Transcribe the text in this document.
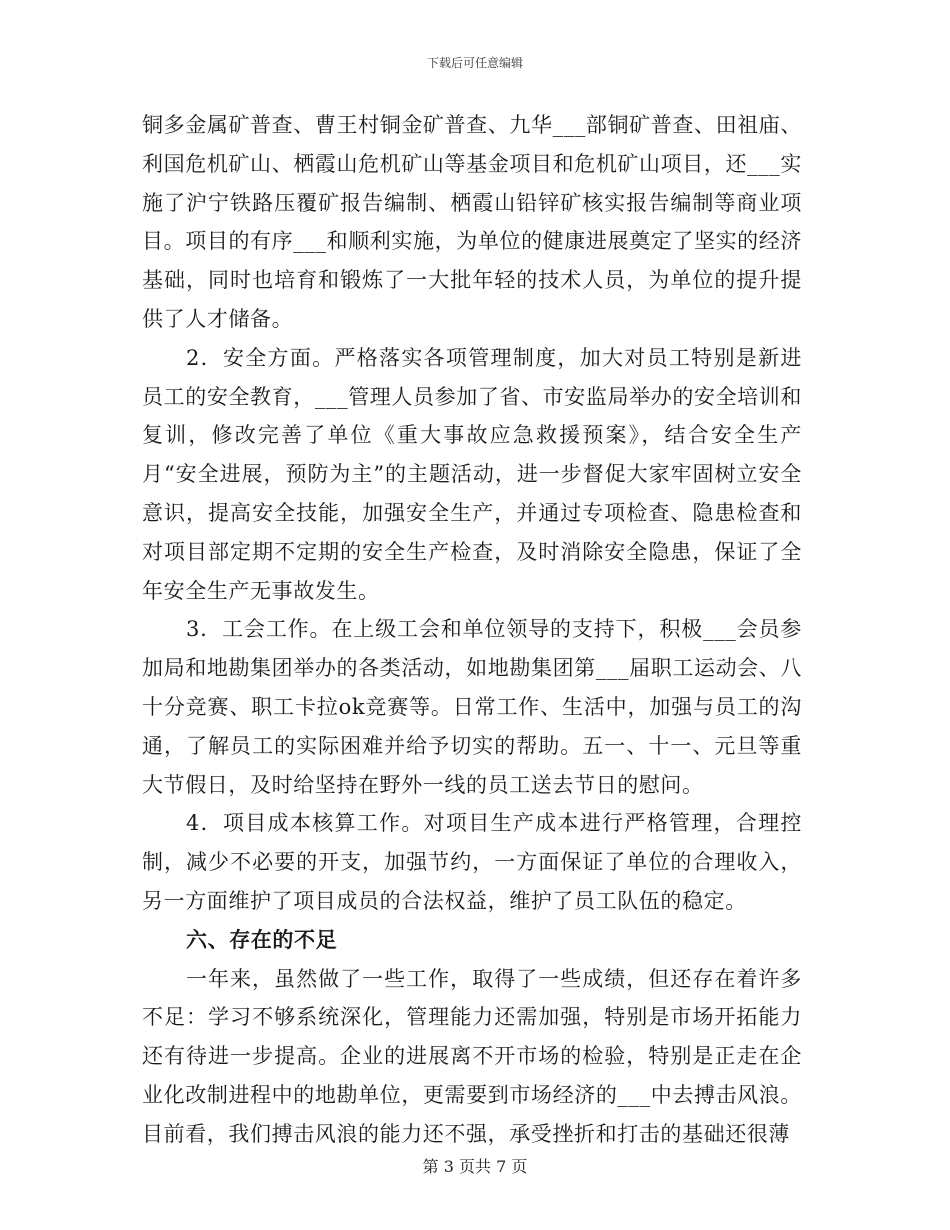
下载后可任意编辑

铜多金属矿普查、曹王村铜金矿普查、九华___部铜矿普查、田祖庙、利国危机矿山、栖霞山危机矿山等基金项目和危机矿山项目，还___实施了沪宁铁路压覆矿报告编制、栖霞山铅锌矿核实报告编制等商业项目。项目的有序___和顺利实施，为单位的健康进展奠定了坚实的经济基础，同时也培育和锻炼了一大批年轻的技术人员，为单位的提升提供了人才储备。

2．安全方面。严格落实各项管理制度，加大对员工特别是新进员工的安全教育，___管理人员参加了省、市安监局举办的安全培训和复训，修改完善了单位《重大事故应急救援预案》，结合安全生产月“安全进展，预防为主”的主题活动，进一步督促大家牢固树立安全意识，提高安全技能，加强安全生产，并通过专项检查、隐患检查和对项目部定期不定期的安全生产检查，及时消除安全隐患，保证了全年安全生产无事故发生。

3．工会工作。在上级工会和单位领导的支持下，积极___会员参加局和地勘集团举办的各类活动，如地勘集团第___届职工运动会、八十分竞赛、职工卡拉ok竞赛等。日常工作、生活中，加强与员工的沟通，了解员工的实际困难并给予切实的帮助。五一、十一、元旦等重大节假日，及时给坚持在野外一线的员工送去节日的慰问。

4．项目成本核算工作。对项目生产成本进行严格管理，合理控制，减少不必要的开支，加强节约，一方面保证了单位的合理收入，另一方面维护了项目成员的合法权益，维护了员工队伍的稳定。

六、存在的不足

一年来，虽然做了一些工作，取得了一些成绩，但还存在着许多不足：学习不够系统深化，管理能力还需加强，特别是市场开拓能力还有待进一步提高。企业的进展离不开市场的检验，特别是正走在企业化改制进程中的地勘单位，更需要到市场经济的___中去搏击风浪。目前看，我们搏击风浪的能力还不强，承受挫折和打击的基础还很薄

第 3 页共 7 页
